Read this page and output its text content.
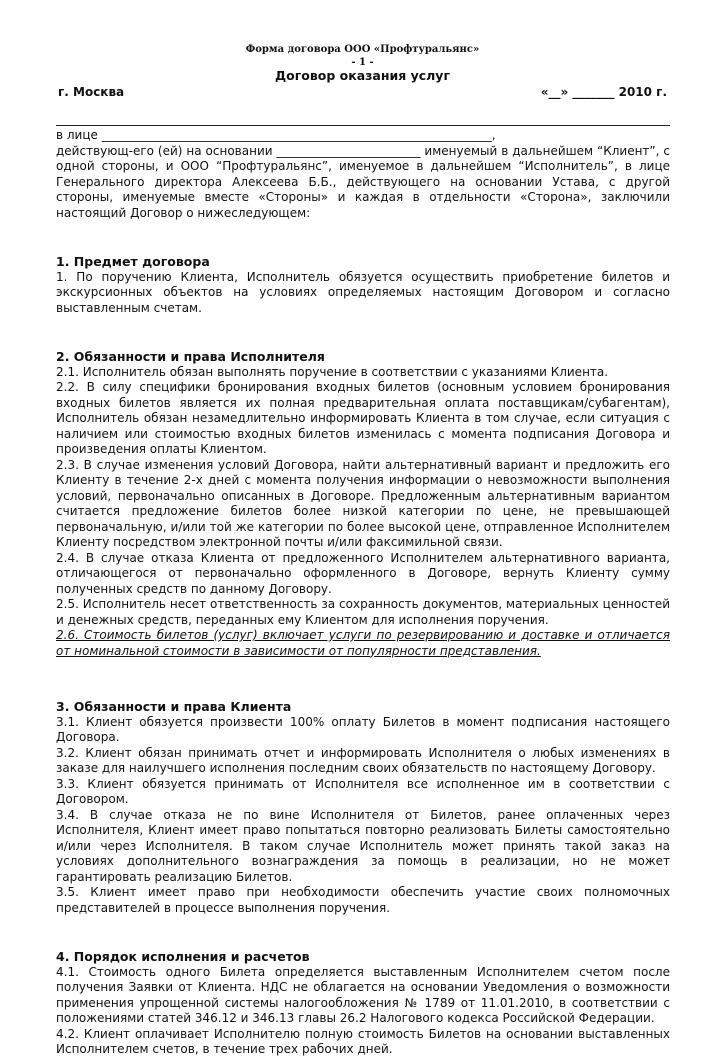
Форма договора ООО «Профтуральянс»
- 1 -
Договор оказания услуг
г. Москва	«__» _______ 2010 г.

в лице _________________________________________________________________,

действующ-его (ей) на основании ________________________ именуемый в дальнейшем “Клиент”, с одной стороны, и ООО “Профтуральянс”, именуемое в дальнейшем “Исполнитель”, в лице Генерального директора Алексеева Б.Б., действующего на основании Устава, с другой стороны, именуемые вместе «Стороны» и каждая в отдельности «Сторона», заключили настоящий Договор о нижеследующем:

1. Предмет договора

1. По поручению Клиента, Исполнитель обязуется осуществить приобретение билетов и экскурсионных объектов на условиях определяемых настоящим Договором и согласно выставленным счетам.

2. Обязанности и права Исполнителя

2.1. Исполнитель обязан выполнять поручение в соответствии с указаниями Клиента.

2.2. В силу специфики бронирования входных билетов (основным условием бронирования входных билетов является их полная предварительная оплата поставщикам/субагентам), Исполнитель обязан незамедлительно информировать Клиента в том случае, если ситуация с наличием или стоимостью входных билетов изменилась с момента подписания Договора и произведения оплаты Клиентом.

2.3. В случае изменения условий Договора, найти альтернативный вариант и предложить его Клиенту в течение 2-х дней с момента получения информации о невозможности выполнения условий, первоначально описанных в Договоре. Предложенным альтернативным вариантом считается предложение билетов более низкой категории по цене, не превышающей первоначальную, и/или той же категории по более высокой цене, отправленное Исполнителем Клиенту посредством электронной почты и/или факсимильной связи.

2.4. В случае отказа Клиента от предложенного Исполнителем альтернативного варианта, отличающегося от первоначально оформленного в Договоре, вернуть Клиенту сумму полученных средств по данному Договору.

2.5. Исполнитель несет ответственность за сохранность документов, материальных ценностей и денежных средств, переданных ему Клиентом для исполнения поручения.

2.6. Стоимость билетов (услуг) включает услуги по резервированию и доставке и отличается от номинальной стоимости в зависимости от популярности представления.

3. Обязанности и права Клиента

3.1. Клиент обязуется произвести 100% оплату Билетов в момент подписания настоящего Договора.

3.2. Клиент обязан принимать отчет и информировать Исполнителя о любых изменениях в заказе для наилучшего исполнения последним своих обязательств по настоящему Договору.

3.3. Клиент обязуется принимать от Исполнителя все исполненное им в соответствии с Договором.

3.4. В случае отказа не по вине Исполнителя от Билетов, ранее оплаченных через Исполнителя, Клиент имеет право попытаться повторно реализовать Билеты самостоятельно и/или через Исполнителя. В таком случае Исполнитель может принять такой заказ на условиях дополнительного вознаграждения за помощь в реализации, но не может гарантировать реализацию Билетов.

3.5. Клиент имеет право при необходимости обеспечить участие своих полномочных представителей в процессе выполнения поручения.

4. Порядок исполнения и расчетов

4.1. Стоимость одного Билета определяется выставленным Исполнителем счетом после получения Заявки от Клиента. НДС не облагается на основании Уведомления о возможности применения упрощенной системы налогообложения № 1789 от 11.01.2010, в соответствии с положениями статей 346.12 и 346.13 главы 26.2 Налогового кодекса Российской Федерации.

4.2. Клиент оплачивает Исполнителю полную стоимость Билетов на основании выставленных Исполнителем счетов, в течение трех рабочих дней.
